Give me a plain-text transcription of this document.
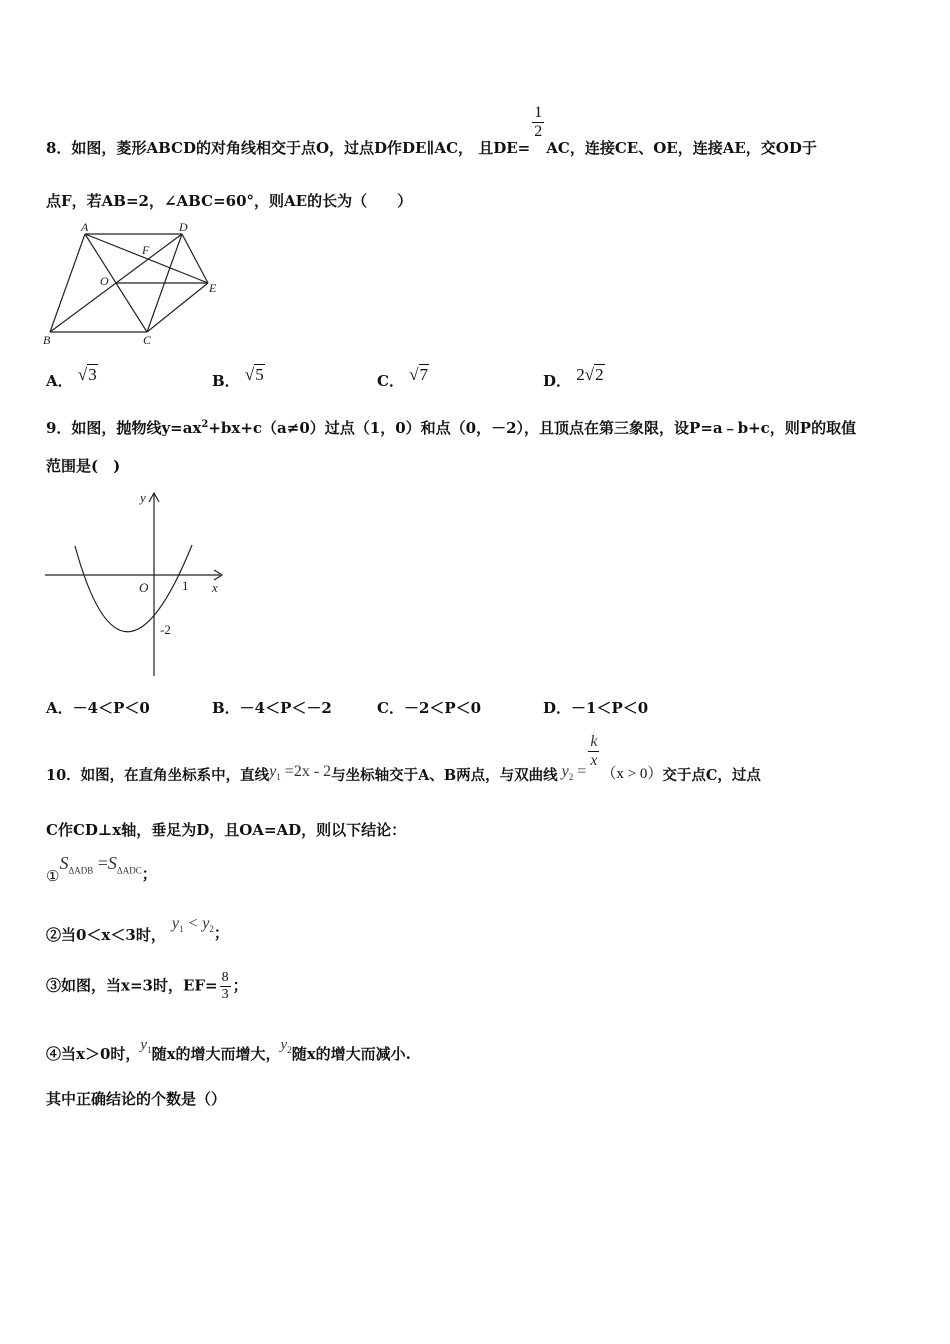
8．如图，菱形ABCD的对角线相交于点O，过点D作DE∥AC， 且DE=
$\frac{1}{2}$
AC，连接CE、OE，连接AE，交OD于
点F，若AB=2，∠ABC=60°，则AE的长为（　　）
A	D
F
O	E
B	C
A． √3	B． √5	C． √7	D． 2√2
9．如图，抛物线$y=ax^2+bx+c(a\ne 0)$过点（1，0）和点（0，－2），且顶点在第三象限，设P=a﹣b+c，则P的取值
范围是(　)
y
x
O	1
-2
A．－4＜P＜0	B．－4＜P＜－2	C．－2＜P＜0	D．－1＜P＜0
10．如图，在直角坐标系中，直线$y_1 =2x - 2$与坐标轴交于A、B两点，与双曲线 $y_2$ =
$\frac{k}{x}$
（x > 0）交于点C，过点
C作CD⊥x轴，垂足为D，且OA=AD，则以下结论：
$①S_{\Delta ADB} =S_{\Delta ADC}$；
②当0＜x＜3时，$y_1 < y_2$；
③如图，当x=3时，$EF= \frac{8}{3}$ ；
④当x＞0时，$y_1$随x的增大而增大，$y_2$随x的增大而减小.
其中正确结论的个数是（）
